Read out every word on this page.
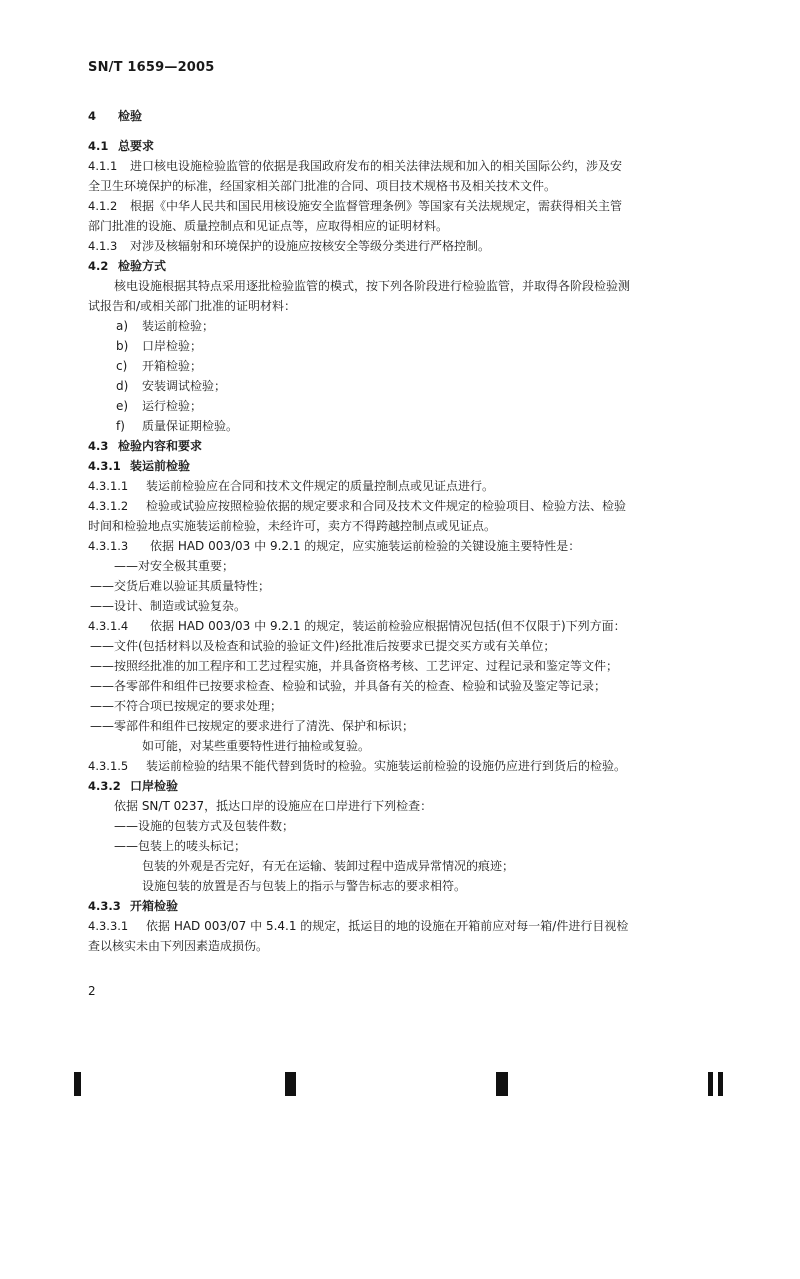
SN/T 1659—2005
4 检验
4.1 总要求
4.1.1 进口核电设施检验监管的依据是我国政府发布的相关法律法规和加入的相关国际公约，涉及安
全卫生环境保护的标准，经国家相关部门批准的合同、项目技术规格书及相关技术文件。
4.1.2 根据《中华人民共和国民用核设施安全监督管理条例》等国家有关法规规定，需获得相关主管
部门批准的设施、质量控制点和见证点等，应取得相应的证明材料。
4.1.3 对涉及核辐射和环境保护的设施应按核安全等级分类进行严格控制。
4.2 检验方式
核电设施根据其特点采用逐批检验监管的模式，按下列各阶段进行检验监管，并取得各阶段检验测
试报告和/或相关部门批准的证明材料：
a) 装运前检验；
b) 口岸检验；
c) 开箱检验；
d) 安装调试检验；
e) 运行检验；
f) 质量保证期检验。
4.3 检验内容和要求
4.3.1 装运前检验
4.3.1.1 装运前检验应在合同和技术文件规定的质量控制点或见证点进行。
4.3.1.2 检验或试验应按照检验依据的规定要求和合同及技术文件规定的检验项目、检验方法、检验
时间和检验地点实施装运前检验，未经许可，卖方不得跨越控制点或见证点。
4.3.1.3 依据 HAD 003/03 中 9.2.1 的规定，应实施装运前检验的关键设施主要特性是：
——对安全极其重要；
——交货后难以验证其质量特性；
——设计、制造或试验复杂。
4.3.1.4 依据 HAD 003/03 中 9.2.1 的规定，装运前检验应根据情况包括(但不仅限于)下列方面：
——文件(包括材料以及检查和试验的验证文件)经批准后按要求已提交买方或有关单位；
——按照经批准的加工程序和工艺过程实施，并具备资格考核、工艺评定、过程记录和鉴定等文件；
——各零部件和组件已按要求检查、检验和试验，并具备有关的检查、检验和试验及鉴定等记录；
——不符合项已按规定的要求处理；
——零部件和组件已按规定的要求进行了清洗、保护和标识；
如可能，对某些重要特性进行抽检或复验。
4.3.1.5 装运前检验的结果不能代替到货时的检验。实施装运前检验的设施仍应进行到货后的检验。
4.3.2 口岸检验
依据 SN/T 0237，抵达口岸的设施应在口岸进行下列检查：
——设施的包装方式及包装件数；
——包装上的唛头标记；
包装的外观是否完好，有无在运输、装卸过程中造成异常情况的痕迹；
设施包装的放置是否与包装上的指示与警告标志的要求相符。
4.3.3 开箱检验
4.3.3.1 依据 HAD 003/07 中 5.4.1 的规定，抵运目的地的设施在开箱前应对每一箱/件进行目视检
查以核实未由下列因素造成损伤。
2
